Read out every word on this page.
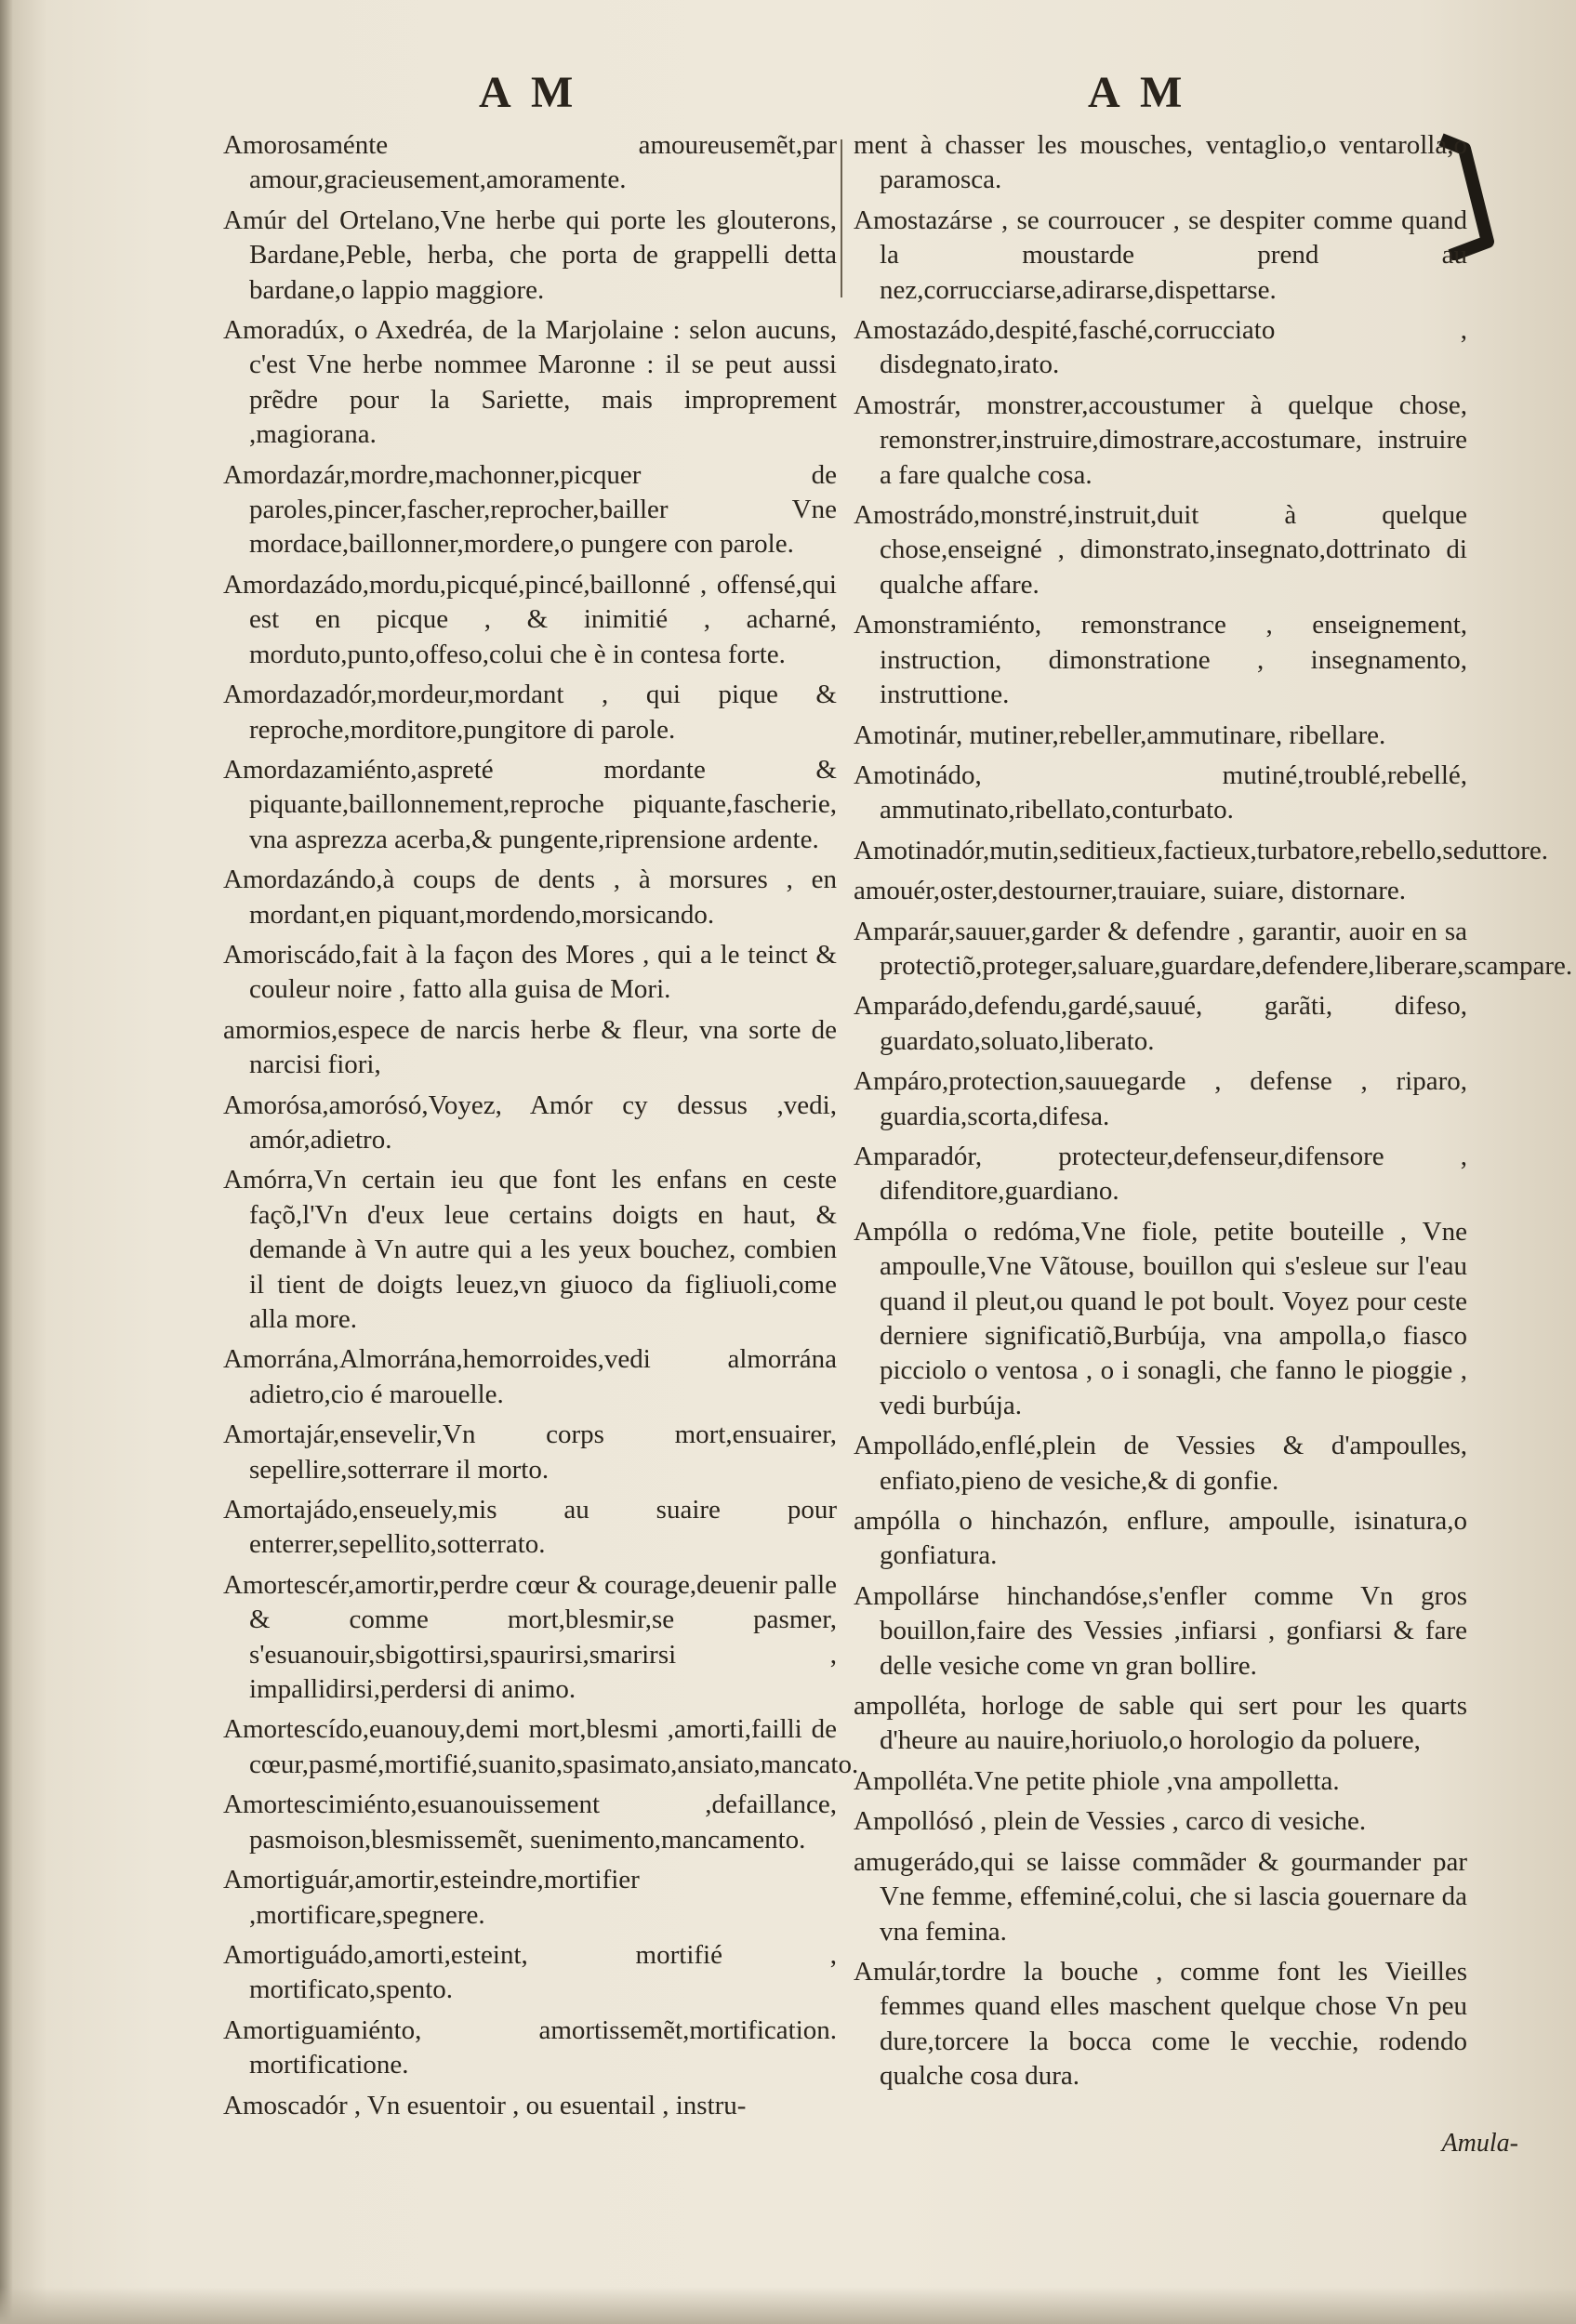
A M	A M

Amorosaménte amoureusemẽt,par amour,gracieusement,amoramente.

Amúr del Ortelano,Vne herbe qui porte les glouterons, Bardane,Peble, herba, che porta de grappelli detta bardane,o lappio maggiore.

Amoradúx, o Axedréa, de la Marjolaine : selon aucuns, c'est Vne herbe nommee Maronne : il se peut aussi prẽdre pour la Sariette, mais improprement ,magiorana.

Amordazár,mordre,machonner,picquer de paroles,pincer,fascher,reprocher,bailler Vne mordace,baillonner,mordere,o pungere con parole.

Amordazádo,mordu,picqué,pincé,baillonné , offensé,qui est en picque , & inimitié , acharné, morduto,punto,offeso,colui che è in contesa forte.

Amordazadór,mordeur,mordant , qui pique & reproche,morditore,pungitore di parole.

Amordazamiénto,aspreté mordante & piquante,baillonnement,reproche piquante,fascherie, vna asprezza acerba,& pungente,riprensione ardente.

Amordazándo,à coups de dents , à morsures , en mordant,en piquant,mordendo,morsicando.

Amoriscádo,fait à la façon des Mores , qui a le teinct & couleur noire , fatto alla guisa de Mori.

amormios,espece de narcis herbe & fleur, vna sorte de narcisi fiori,

Amorósa,amorósó,Voyez, Amór cy dessus ,vedi, amór,adietro.

Amórra,Vn certain ieu que font les enfans en ceste façõ,l'Vn d'eux leue certains doigts en haut, & demande à Vn autre qui a les yeux bouchez, combien il tient de doigts leuez,vn giuoco da figliuoli,come alla more.

Amorrána,Almorrána,hemorroides,vedi almorrána adietro,cio é marouelle.

Amortajár,ensevelir,Vn corps mort,ensuairer, sepellire,sotterrare il morto.

Amortajádo,enseuely,mis au suaire pour enterrer,sepellito,sotterrato.

Amortescér,amortir,perdre cœur & courage,deuenir palle & comme mort,blesmir,se pasmer, s'esuanouir,sbigottirsi,spaurirsi,smarirsi , impallidirsi,perdersi di animo.

Amortescído,euanouy,demi mort,blesmi ,amorti,failli de cœur,pasmé,mortifié,suanito,spasimato,ansiato,mancato.

Amortescimiénto,esuanouissement ,defaillance, pasmoison,blesmissemẽt, suenimento,mancamento.

Amortiguár,amortir,esteindre,mortifier ,mortificare,spegnere.

Amortiguádo,amorti,esteint, mortifié , mortificato,spento.

Amortiguamiénto, amortissemẽt,mortification. mortificatione.

Amoscadór , Vn esuentoir , ou esuentail , instru-

ment à chasser les mousches, ventaglio,o ventarolla,o paramosca.

Amostazárse , se courroucer , se despiter comme quand la moustarde prend au nez,corrucciarse,adirarse,dispettarse.

Amostazádo,despité,fasché,corrucciato , disdegnato,irato.

Amostrár, monstrer,accoustumer à quelque chose, remonstrer,instruire,dimostrare,accostumare, instruire a fare qualche cosa.

Amostrádo,monstré,instruit,duit à quelque chose,enseigné , dimonstrato,insegnato,dottrinato di qualche affare.

Amonstramiénto, remonstrance , enseignement, instruction, dimonstratione , insegnamento, instruttione.

Amotinár, mutiner,rebeller,ammutinare, ribellare.

Amotinádo, mutiné,troublé,rebellé, ammutinato,ribellato,conturbato.

Amotinadór,mutin,seditieux,factieux,turbatore,rebello,seduttore.

amouér,oster,destourner,trauiare, suiare, distornare.

Amparár,sauuer,garder & defendre , garantir, auoir en sa protectiõ,proteger,saluare,guardare,defendere,liberare,scampare.

Amparádo,defendu,gardé,sauué, garãti, difeso, guardato,soluato,liberato.

Ampáro,protection,sauuegarde , defense , riparo, guardia,scorta,difesa.

Amparadór, protecteur,defenseur,difensore , difenditore,guardiano.

Ampólla o redóma,Vne fiole, petite bouteille , Vne ampoulle,Vne Vãtouse, bouillon qui s'esleue sur l'eau quand il pleut,ou quand le pot boult. Voyez pour ceste derniere significatiõ,Burbúja, vna ampolla,o fiasco picciolo o ventosa , o i sonagli, che fanno le pioggie , vedi burbúja.

Ampolládo,enflé,plein de Vessies & d'ampoulles, enfiato,pieno de vesiche,& di gonfie.

ampólla o hinchazón, enflure, ampoulle, isinatura,o gonfiatura.

Ampollárse hinchandóse,s'enfler comme Vn gros bouillon,faire des Vessies ,infiarsi , gonfiarsi & fare delle vesiche come vn gran bollire.

ampolléta, horloge de sable qui sert pour les quarts d'heure au nauire,horiuolo,o horologio da poluere,

Ampolléta.Vne petite phiole ,vna ampolletta.

Ampollósó , plein de Vessies , carco di vesiche.

amugerádo,qui se laisse commãder & gourmander par Vne femme, effeminé,colui, che si lascia gouernare da vna femina.

Amulár,tordre la bouche , comme font les Vieilles femmes quand elles maschent quelque chose Vn peu dure,torcere la bocca come le vecchie, rodendo qualche cosa dura.

Amula-
